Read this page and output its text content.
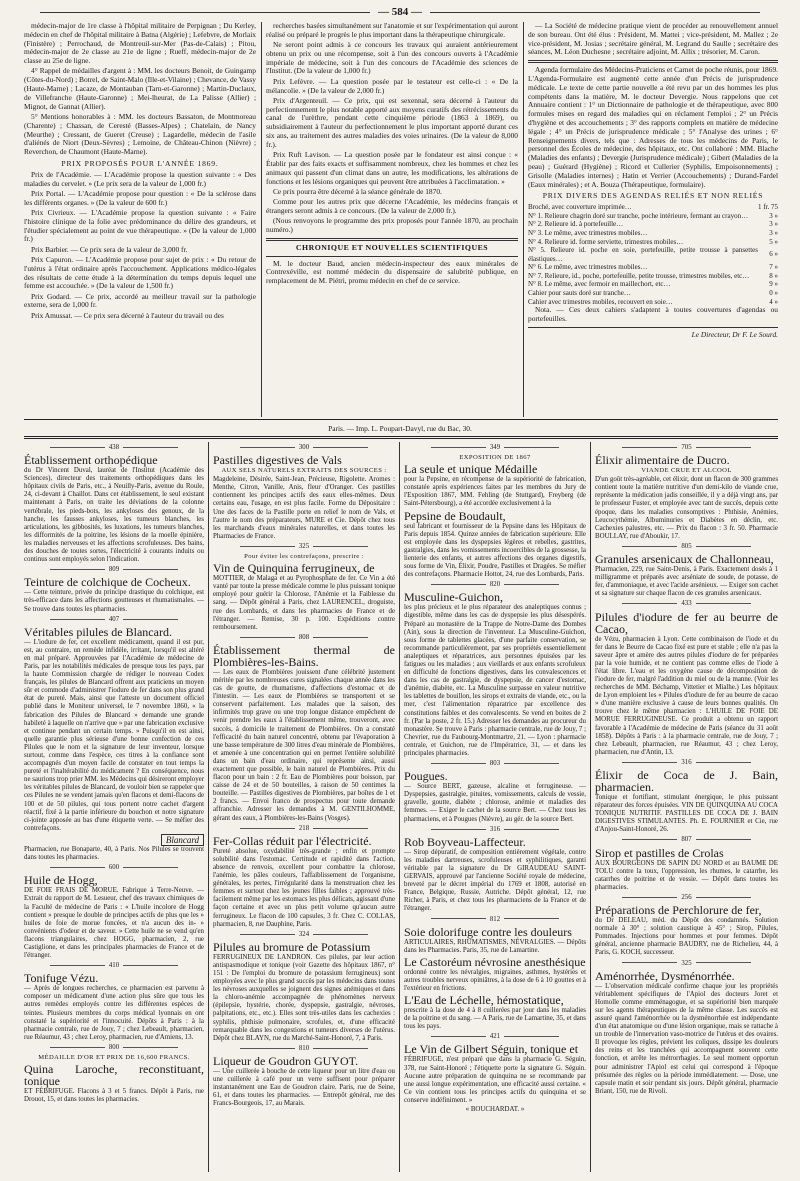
— 584 —

médecin-major de 1re classe à l'hôpital militaire de Perpignan ; Du Kerley, médecin en chef de l'hôpital militaire à Batna (Algérie) ; Lefebvre, de Morlaix (Finistère) ; Perrochaud, de Montreuil-sur-Mer (Pas-de-Calais) ; Pitou, médecin-major de 2e classe au 21e de ligne ; Rueff, médecin-major de 2e classe au 25e de ligne.

4° Rappel de médailles d'argent à : MM. les docteurs Benoit, de Guingamp (Côtes-du-Nord) ; Botrel, de Saint-Malo (Ille-et-Vilaine) ; Chevance, de Vassy (Haute-Marne) ; Lacaze, de Montauban (Tarn-et-Garonne) ; Martin-Duclaux, de Villefranche (Haute-Garonne) ; Mei-lheurat, de La Palisse (Allier) ; Mignot, de Gannat (Allier).

5° Mentions honorables à : MM. les docteurs Bassaton, de Montmoreau (Charente) ; Chassan, de Ceresté (Basses-Alpes) ; Chatelain, de Nancy (Meurthe) ; Cressant, de Gueret (Creuse) ; Lagardelle, médecin de l'asile d'aliénés de Niort (Deux-Sèvres) ; Lemoine, de Château-Chinon (Nièvre) ; Reverchon, de Chaumont (Haute-Marne).

PRIX PROPOSÉS POUR L'ANNÉE 1869.

Prix de l'Académie. — L'Académie propose la question suivante : « Des maladies du cervelet. » (Le prix sera de la valeur de 1,000 fr.)

Prix Portal. — L'Académie propose pour question : « De la sclérose dans les différents organes. » (De la valeur de 600 fr.)

Prix Civrieux. — L'Académie propose la question suivante : « Faire l'histoire clinique de la folie avec prédominance du délire des grandeurs, et l'étudier spécialement au point de vue thérapeutique. » (De la valeur de 1,000 fr.)

Prix Barbier. — Ce prix sera de la valeur de 3,000 fr.

Prix Capuron. — L'Académie propose pour sujet de prix : « Du retour de l'utérus à l'état ordinaire après l'accouchement. Applications médico-légales des résultats de cette étude à la détermination du temps depuis lequel une femme est accouchée. » (De la valeur de 1,500 fr.)

Prix Godard. — Ce prix, accordé au meilleur travail sur la pathologie externe, sera de 1,000 fr.

Prix Amussat. — Ce prix sera décerné à l'auteur du travail ou des

recherches basées simultanément sur l'anatomie et sur l'expérimentation qui auront réalisé ou préparé le progrès le plus important dans la thérapeutique chirurgicale.

Ne seront point admis à ce concours les travaux qui auraient antérieurement obtenu un prix ou une récompense, soit à l'un des concours ouverts à l'Académie impériale de médecine, soit à l'un des concours de l'Académie des sciences de l'Institut. (De la valeur de 1,000 fr.)

Prix Lefèvre. — La question posée par le testateur est celle-ci : « De la mélancolie. » (De la valeur de 2,000 fr.)

Prix d'Argenteuil. — Ce prix, qui est sexennal, sera décerné à l'auteur du perfectionnement le plus notable apporté aux moyens curatifs des rétrécissements du canal de l'urèthre, pendant cette cinquième période (1863 à 1869), ou subsidiairement à l'auteur du perfectionnement le plus important apporté durant ces six ans, au traitement des autres maladies des voies urinaires. (De la valeur de 8,000 fr.).

Prix Ruft Lavison. — La question posée par le fondateur est ainsi conçue : « Établir par des faits exacts et suffisamment nombreux, chez les hommes et chez les animaux qui passent d'un climat dans un autre, les modifications, les altérations de fonctions et les lésions organiques qui peuvent être attribuées à l'acclimatation. »

Ce prix pourra être décerné à la séance générale de 1870.

Comme pour les autres prix que décerne l'Académie, les médecins français et étrangers seront admis à ce concours. (De la valeur de 2,000 fr.).

(Nous renvoyons le programme des prix proposés pour l'année 1870, au prochain numéro.)

CHRONIQUE ET NOUVELLES SCIENTIFIQUES

M. le docteur Baud, ancien médecin-inspecteur des eaux minérales de Contrexéville, est nommé médecin du dispensaire de salubrité publique, en remplacement de M. Piétri, promu médecin en chef de ce service.

— La Société de médecine pratique vient de procéder au renouvellement annuel de son bureau. Ont été élus : Président, M. Mattei ; vice-président, M. Mallez ; 2e vice-président, M. Josias ; secrétaire général, M. Legrand du Saulle ; secrétaire des séances, M. Léon Duchesne ; secrétaire adjoint, M. Allix ; trésorier, M. Caron.

Agenda formulaire des Médecins-Praticiens et Carnet de poche réunis, pour 1869. L'Agenda-Formulaire est augmenté cette année d'un Précis de jurisprudence médicale. Le texte de cette partie nouvelle a été revu par un des hommes les plus compétents dans la matière, M. le docteur Devergie. Nous rappelons que cet Annuaire contient : 1° un Dictionnaire de pathologie et de thérapeutique, avec 800 formules mises en regard des maladies qui en réclament l'emploi ; 2° un Précis d'hygiène et des accouchements ; 3° des rapports complets en matière de médecine légale ; 4° un Précis de jurisprudence médicale ; 5° l'Analyse des urines ; 6° Renseignements divers, tels que : Adresses de tous les médecins de Paris, le personnel des Écoles de médecine, des hôpitaux, etc. Ont collaboré : MM. Blache (Maladies des enfants) ; Devergie (Jurisprudence médicale) ; Gibert (Maladies de la peau) ; Guérard (Hygiène) ; Ricord et Cullerier (Syphilis, Empoisonnements) ; Grisolle (Maladies internes) ; Hatin et Verrier (Accouchements) ; Durand-Fardel (Eaux minérales) ; et A. Bouza (Thérapeutique, formulaire).

PRIX DIVERS DES AGENDAS RELIÉS ET NON RELIÉS
Broché, avec couverture imprimée…	1 fr. 75
N° 1. Relieure chagrin doré sur tranche, poche intérieure, fermant au crayon…	3 »
N° 2. Relieure id. à portefeuille…	3 »
N° 3. Le même, avec trimestres mobiles…	3 »
N° 4. Relieure id. forme serviette, trimestres mobiles…	5 »
N° 5. Relieure id. poche en soie, portefeuille, petite trousse à pansettes élastiques…	6 »
N° 6. Le même, avec trimestres mobiles…	7 »
N° 7. Relieure, id., poche, portefeuille, petite trousse, trimestres mobiles, etc…	8 »
N° 8. Le même, avec fermoir en maillechort, etc…	9 »
Cahier pour sauts doré sur tranche…	0 »
Cahier avec trimestres mobiles, recouvert en soie…	4 »

Nota. — Ces deux cahiers s'adaptent à toutes couvertures d'agendas ou portefeuilles.

Le Directeur, Dr F. Le Sourd.
Paris. — Imp. L. Poupart-Davyl, rue du Bac, 30.
438
Établissement orthopédique

du Dr Vincent Duval, lauréat de l'Institut (Académie des Sciences), directeur des traitements orthopédiques dans les hôpitaux civils de Paris, etc., à Neuilly-Paris, avenue du Roule, 24, ci-devant à Chaillot. Dans cet établissement, le seul existant maintenant à Paris, on traite les déviations de la colonne vertébrale, les pieds-bots, les ankyloses des genoux, de la hanche, les fausses ankyloses, les tumeurs blanches, les articulations, les gibbosités, les luxations, les tumeurs blanches, les difformités de la poitrine, les lésions de la moelle épinière, les maladies nerveuses et les affections scrofuleuses. Des bains, des douches de toutes sortes, l'électricité à courants induits ou continus sont employés selon l'indication.

809
Teinture de colchique de Cocheux.

— Cette teinture, privée du principe drastique du colchique, est très-efficace dans les affections goutteuses et rhumatismales. — Se trouve dans toutes les pharmacies.

407
Véritables pilules de Blancard.

— L'iodure de fer, cet excellent médicament, quand il est pur, est, au contraire, un remède infidèle, irritant, lorsqu'il est altéré en mal préparé. Approuvées par l'Académie de médecine de Paris, par les notabilités médicales de presque tous les pays, par la haute Commission chargée de rédiger le nouveau Codex français, les pilules de Blancard offrent aux praticiens un moyen sûr et commode d'administrer l'iodure de fer dans son plus grand état de pureté. Mais, ainsi que l'atteste un document officiel publié dans le Moniteur universel, le 7 novembre 1860, « la fabrication des Pilules de Blancard » demande une grande habileté à laquelle on n'arrive que » par une fabrication exclusive et continue pendant un certain temps. » Puisqu'il en est ainsi, quelle garantie plus sérieuse d'une bonne confection de ces Pilules que le nom et la signature de leur inventeur, lorsque surtout, comme dans l'espèce, ces titres à la confiance sont accompagnés d'un moyen facile de constater en tout temps la pureté et l'inaltérabilité du médicament ? En conséquence, nous ne saurions trop prier MM. les Médecins qui désireront employer les véritables pilules de Blancard, de vouloir bien se rappeler que ces Pilules ne se vendent jamais qu'en flacons et demi-flacons de 100 et de 50 pilules, qui tous portent notre cachet d'argent réactif, fixé à la partie inférieure du bouchon et notre signature ci-jointe apposée au bas d'une étiquette verte. — Se méfier des contrefaçons.

Blancard

Pharmacien, rue Bonaparte, 40, à Paris. Nos Pilules se trouvent dans toutes les pharmacies.

600
Huile de Hogg,

DE FOIE FRAIS DE MORUE. Fabrique à Terre-Neuve. — Extrait du rapport de M. Lesueur, chef des travaux chimiques de la Faculté de médecine de Paris : « L'huile incolore de Hogg contient » presque le double de principes actifs de plus que les » huiles de foie de morue foncées, et n'a aucun des in- » convénients d'odeur et de saveur. » Cette huile ne se vend qu'en flacons triangulaires, chez HOGG, pharmacien, 2, rue Castiglione, et dans les principales pharmacies de France et de l'étranger.

410
Tonifuge Vézu.

— Après de longues recherches, ce pharmacien est parvenu à composer un médicament d'une action plus sûre que tous les autres remèdes employés contre les différentes espèces de teintes. Plusieurs membres du corps médical lyonnais en ont constaté la supériorité et l'innocuité. Dépôts à Paris : à la pharmacie centrale, rue de Jouy, 7 ; chez Lebeault, pharmacien, rue Réaumur, 43 ; chez Leroy, pharmacien, rue d'Amiens, 13.

800
MÉDAILLE D'OR ET PRIX DE 16,600 FRANCS.
Quina Laroche, reconstituant, tonique

ET FÉBRIFUGE. Flacons à 3 et 5 francs. Dépôt à Paris, rue Drouot, 15, et dans toutes les pharmacies.

300
Pastilles digestives de Vals
AUX SELS NATURELS EXTRAITS DES SOURCES :

Magdeleine, Désirée, Saint-Jean, Précieuse, Rigolette. Aromes : Menthe, Citron, Vanille, Anis, fleur d'Oranger. Ces pastilles contiennent les principes actifs des eaux elles-mêmes. Deux certains eau, l'usage, en est plus facile. Forme du Dépositaire : Une des faces de la Pastille porte en relief le nom de Vals, et l'autre le nom des préparateurs, MURE et Cie. Dépôt chez tous les marchands d'eaux minérales naturelles, et dans toutes les Pharmacies de France.

325
Pour éviter les contrefaçons, prescrire :
Vin de Quinquina ferrugineux, de

MOTTIER, de Malaga et au Pyrophosphate de fer. Ce Vin a été vanté par toute la presse médicale comme le plus puissant tonique employé pour guérir la Chlorose, l'Anémie et la Faiblesse du sang. — Dépôt général à Paris, chez LAURENCEL, droguiste, rue des Lombards, et dans les pharmacies de France et de l'étranger. — Remise, 30 p. 100. Expéditions contre remboursement.

808
Établissement thermal de Plombières-les-Bains.

— Les eaux de Plombières jouissent d'une célébrité justement méritée par les nombreuses cures signalées chaque année dans les cas de goutte, de rhumatisme, d'affections d'estomac et de l'intestin. — Les eaux de Plombières se transportent et se conservent parfaitement. Les malades que la saison, des infirmités trop grave ou une trop longue distance empêchent de venir prendre les eaux à l'établissement même, trouveront, avec succès, à domicile le traitement de Plombières. On a constaté l'efficacité du bain naturel concentré, obtenu par l'évaporation à une basse température de 300 litres d'eau minérale de Plombières, et amenée à une concentration qui en permet l'entière solubilité dans un bain d'eau ordinaire, qui représente ainsi, aussi exactement que possible, le bain naturel de Plombières. Prix du flacon pour un bain : 2 fr. Eau de Plombières pour boisson, par caisse de 24 et de 50 bouteilles, à raison de 50 centimes la bouteille. — Pastilles digestives de Plombières, par boîtes de 1 et 2 francs. — Envoi franco de prospectus pour toute demande affranchie. Adresser les demandes à M. GENTILHOMME, gérant des eaux, à Plombières-les-Bains (Vosges).

218
Fer-Collas réduit par l'électricité.

Pureté absolue, oxydabilité très-grande ; enfin et prompte solubilité dans l'estomac. Certitude et rapidité dans l'action, absence de renvois, excellent pour combattre la chlorose, l'anémie, les pâles couleurs, l'affaiblissement de l'organisme, générales, les pertes, l'irrégularité dans la menstruation chez les femmes et surtout chez les jeunes filles faibles ; approuvé très-facilement même par les estomacs les plus délicats, agissant d'une façon certaine et avec un plus petit volume qu'aucun autre ferrugineux. Le flacon de 100 capsules, 3 fr. Chez C. COLLAS, pharmacien, 8, rue Dauphine, Paris.

324
Pilules au bromure de Potassium

FERRUGINEUX DE LANDRON. Ces pilules, par leur action antispasmodique et tonique (voir Gazette des hôpitaux 1867, n° 151 : De l'emploi du bromure de potassium ferrugineux) sont employées avec le plus grand succès par les médecins dans toutes les névroses auxquelles se joignent des signes anémiques et dans la chloro-anémie accompagnée de phénomènes nerveux (épilepsie, hystérie, chorée, dyspepsie, gastralgie, névroses, palpitations, etc., etc.). Elles sont très-utiles dans les cachexies : syphilis, phthisie pulmonaire, scrofules, et, d'une efficacité remarquable dans les congestions et tumeurs diverses de l'utérus. Dépôt chez BLAYN, rue du Marché-Saint-Honoré, 7, à Paris.

810
Liqueur de Goudron GUYOT.

— Une cuillerée à bouche de cette liqueur pour un litre d'eau ou une cuillerée à café pour un verre suffisent pour préparer instantanément une Eau de Goudron claire. Paris, rue de Seine, 61, et dans toutes les pharmacies. — Entrepôt général, rue des Francs-Bourgeois, 17, au Marais.

349
EXPOSITION DE 1867
La seule et unique Médaille

pour la Pepsine, en récompense de la supériorité de fabrication, constatée après expériences faites par les membres du Jury de l'Exposition 1867, MM. Fehling (de Stuttgard), Freyberg (de Saint-Pétersbourg), a été accordée exclusivement à la

Pepsine de Boudault,

seul fabricant et fournisseur de la Pepsine dans les Hôpitaux de Paris depuis 1854. Quinze années de fabrication supérieure. Elle est employée dans les dyspepsies légères et rebelles, gastrites, gastralgies, dans les vomissements incoercibles de la grossesse, la lienterie des enfants, et autres affections des organes digestifs, sous forme de Vin, Élixir, Poudre, Pastilles et Dragées. Se méfier des contrefaçons. Pharmacie Hottot, 24, rue des Lombards, Paris.

820
Musculine-Guichon,

les plus précieux et le plus réparateur des analeptiques connus ; digestible, même dans les cas de dyspepsie les plus désespérés. Préparé au monastère de la Trappe de Notre-Dame des Dombes (Ain), sous la direction de l'inventeur. La Musculine-Guichon, sous forme de tablettes glacées, d'une parfaite conservation, se recommande particulièrement, par ses propriétés essentiellement analeptiques et réparatrices, aux personnes épuisées par les fatigues ou les maladies ; aux vieillards et aux enfants scrofuleux en difficulté de fonctions digestives, dans les convalescences et dans les cas de gastralgie, de dyspepsie, de cancer d'estomac, d'anémie, diabète, etc. La Musculine surpasse en valeur nutritive les tablettes de bouillon, les sirops et extraits de viande, etc., ou la mer, c'est l'alimentation réparatrice par excellence des constitutions faibles et des convalescents. Se vend en boites de 2 fr. (Par la poste, 2 fr. 15.) Adresser les demandes au procureur du monastère. Se trouve à Paris : pharmacie centrale, rue de Jouy, 7 ; Chevrier, rue du Faubourg-Montmartre, 21. — Lyon : pharmacie centrale, et Guichon, rue de l'Impératrice, 31, — et dans les principales pharmacies.

803
Pougues.

— Source BERT, gazeuse, alcaline et ferrugineuse. — Dyspepsies, gastralgie, pituites, vomissements, calculs de vessie, gravelle, goutte, diabète ; chlorose, anémie et maladies des femmes. — Exiger le cachet de la source Bert. — Chez tous les pharmaciens, et à Pougues (Nièvre), au gér. de la source Bert.

316
Rob Boyveau-Laffecteur.

— Sirop dépuratif, de composition entièrement végétale, contre les maladies dartreuses, scrofuleuses et syphilitiques, garanti véritable par la signature du Dr GIRAUDEAU SAINT-GERVAIS, approuvé par l'ancienne Société royale de médecine, breveté par le décret impérial du 1769 et 1808, autorisé en France, Belgique, Russie, Autriche. Dépôt général, 12, rue Richer, à Paris, et chez tous les pharmaciens de la France et de l'étranger.

812
Soie dolorifuge contre les douleurs

ARTICULAIRES, RHUMATISMES, NÉVRALGIES. — Dépôts dans les Pharmacies. Paris, 35, rue de Lamartine.

Le Castoréum névrosine anesthésique

ordonné contre les névralgies, migraines, asthmes, hystéries et autres troubles nerveux opiniâtres, à la dose de 6 à 10 gouttes et à l'extérieur en frictions.

L'Eau de Léchelle, hémostatique,

prescrite à la dose de 4 à 8 cuillerées par jour dans les maladies de la poitrine et du sang. — A Paris, rue de Lamartine, 35, et dans tous les pays.

421
Le Vin de Gilbert Séguin, tonique et

FÉBRIFUGE, n'est préparé que dans la pharmacie G. Séguin, 378, rue Saint-Honoré ; l'étiquette porte la signature G. Séguin. Aucune autre préparation de quinquina ne se recommande par une aussi longue expérimentation, une efficacité aussi certaine. « Ce vin contient tous les principes actifs du quinquina et se conserve indéfiniment. »

« BOUCHARDAT. »
705
Élixir alimentaire de Ducro.
VIANDE CRUE ET ALCOOL

D'un goût très-agréable, cet élixir, dont un flacon de 300 grammes contient toute la matière nutritive d'un demi-kilo de viande crue, représente la médication jadis conseillée, il y a déjà vingt ans, par le professeur Fuster, et employée avec tant de succès, depuis cette époque, dans les maladies consomptives : Phthisie, Anémies, Leucocythémie, Albuminuries et Diabètes en déclin, etc. Cachexies palustres, etc. — Prix du flacon : 3 fr. 50. Pharmacie BOULLAY, rue d'Aboukir, 17.

805
Granules arsenicaux de Challonneau,

Pharmacien, 229, rue Saint-Denis, à Paris. Exactement dosés à 1 milligramme et préparés avec arséniate de soude, de potasse, de fer, d'ammoniaque, et avec l'acide arsénieux. — Exiger son cachet et sa signature sur chaque flacon de ces granules arsenicaux.

433
Pilules d'iodure de fer au beurre de Cacao,

de Vézu, pharmacien à Lyon. Cette combinaison de l'iode et du fer dans le Beurre de Cacao fixé est pure et stable ; elle n'a pas la saveur âpre et amère des autres pilules d'iodure de fer préparées par la voie humide, et ne contient pas comme elles de l'iode à l'état libre. L'eau et les oxygène cause de décomposition de l'iodure de fer, malgré l'addition du miel ou de la manne. (Voir les recherches de MM. Béchamp, Vittetier et Mialhe.) Les hôpitaux de Lyon emploient les « Pilules d'iodure de fer au beurre de cacao » d'une manière exclusive à cause de leurs bonnes qualités. On trouve chez le même pharmacien : L'HUILE DE FOIE DE MORUE FERRUGINEUSE. Ce produit a obtenu un rapport favorable à l'Académie de médecine de Paris (séance du 31 août 1858). Dépôts à Paris : à la pharmacie centrale, rue de Jouy, 7 ; chez Lebeault, pharmacien, rue Réaumur, 43 ; chez Leroy, pharmacien, rue d'Antin, 13.

316
Élixir de Coca de J. Bain, pharmacien.

Tonique et fortifiant, stimulant énergique, le plus puissant réparateur des forces épuisées. VIN DE QUINQUINA AU COCA TONIQUE NUTRITIF. PASTILLES DE COCA DE J. BAIN DIGESTIVES STIMULANTES. Ph. E. FOURNIER et Cie, rue d'Anjou-Saint-Honoré, 26.

807
Sirop et pastilles de Crolas

AUX BOURGEONS DE SAPIN DU NORD et au BAUME DE TOLU contre la toux, l'oppression, les rhumes, le catarrhe, les catarrhes de poitrine et de vessie. — Dépôt dans toutes les pharmacies.

256
Préparations de Perchlorure de fer,

du Dr DELEAU, méd. du Dépôt des condamnés. Solution normale à 30° ; solution caustique à 45° ; Sirop, Pilules, Pommades. Injections pour hommes et pour femmes. Dépôt général, ancienne pharmacie BAUDRY, rue de Richelieu, 44, à Paris, G. KOCH, successeur.

325
Aménorrhée, Dysménorrhée.

— L'observation médicale confirme chaque jour les propriétés véritablement spécifiques de l'Apiol des docteurs Joret et Homolle comme emménagogue, et sa supériorité bien marquée sur les agents thérapeutiques de la même classe. Les succès est assuré quand l'aménorrhée ou la dysménorrhée est indépendante d'un état anatomique ou d'une lésion organique, mais se rattache à un trouble de l'innervation vaso-motrice de l'utérus et des ovaires. Il provoque les règles, prévient les coliques, dissipe les douleurs des reins et les tranchées qui accompagnent souvent cette fonction, et arrête les métrorrhagies. Le seul moment opportun pour administrer l'Apiol est celui qui correspond à l'époque présumée des règles ou la période immédiatement. — Dose, une capsule matin et soir pendant six jours. Dépôt général, pharmacie Briant, 150, rue de Rivoli.
